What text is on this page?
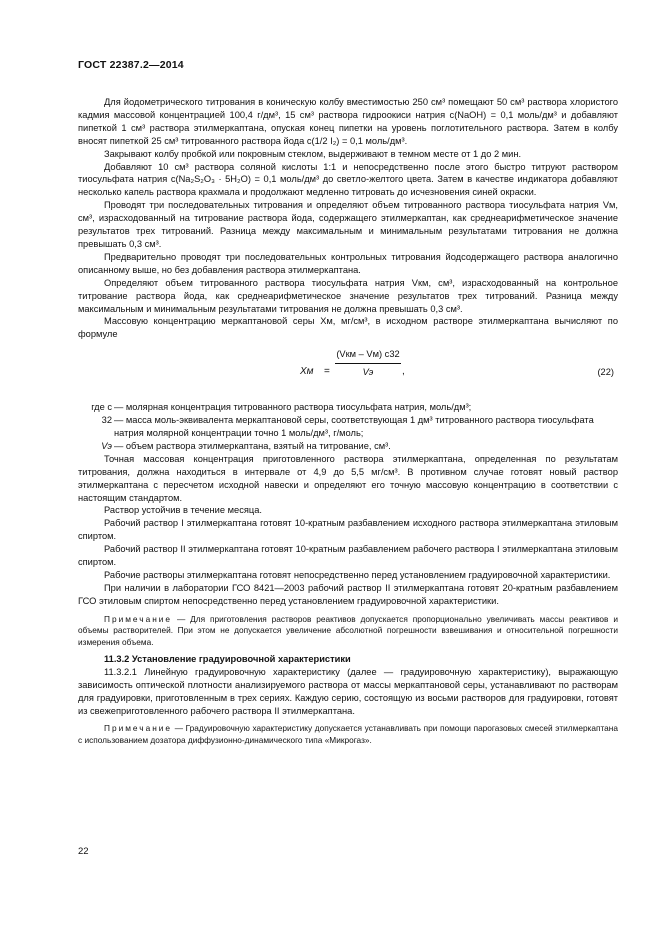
ГОСТ 22387.2—2014

Для йодометрического титрования в коническую колбу вместимостью 250 см³ помещают 50 см³ раствора хлористого кадмия массовой концентрацией 100,4 г/дм³, 15 см³ раствора гидроокиси натрия c(NaOH) = 0,1 моль/дм³ и добавляют пипеткой 1 см³ раствора этилмеркаптана, опуская конец пипетки на уровень поглотительного раствора. Затем в колбу вносят пипеткой 25 см³ титрованного раствора йода c(1/2 I₂) = 0,1 моль/дм³.

Закрывают колбу пробкой или покровным стеклом, выдерживают в темном месте от 1 до 2 мин.

Добавляют 10 см³ раствора соляной кислоты 1:1 и непосредственно после этого быстро титруют раствором тиосульфата натрия c(Na₂S₂O₃ · 5H₂O) = 0,1 моль/дм³ до светло-желтого цвета. Затем в качестве индикатора добавляют несколько капель раствора крахмала и продолжают медленно титровать до исчезновения синей окраски.

Проводят три последовательных титрования и определяют объем титрованного раствора тиосульфата натрия Vм, см³, израсходованный на титрование раствора йода, содержащего этилмеркаптан, как среднеарифметическое значение результатов трех титрований. Разница между максимальным и минимальным результатами титрования не должна превышать 0,3 см³.

Предварительно проводят три последовательных контрольных титрования йодсодержащего раствора аналогично описанному выше, но без добавления раствора этилмеркаптана.

Определяют объем титрованного раствора тиосульфата натрия Vкм, см³, израсходованный на контрольное титрование раствора йода, как среднеарифметическое значение результатов трех титрований. Разница между максимальным и минимальным результатами титрования не должна превышать 0,3 см³.

Массовую концентрацию меркаптановой серы Xм, мг/см³, в исходном растворе этилмеркаптана вычисляют по формуле

Xм =
(Vкм – Vм) c32
Vэ	,	(22)
где c — молярная концентрация титрованного раствора тиосульфата натрия, моль/дм³;
32 — масса моль-эквивалента меркаптановой серы, соответствующая 1 дм³ титрованного раствора тиосульфата натрия молярной концентрации точно 1 моль/дм³, г/моль;
Vэ — объем раствора этилмеркаптана, взятый на титрование, см³.

Точная массовая концентрация приготовленного раствора этилмеркаптана, определенная по результатам титрования, должна находиться в интервале от 4,9 до 5,5 мг/см³. В противном случае готовят новый раствор этилмеркаптана с пересчетом исходной навески и определяют его точную массовую концентрацию в соответствии с настоящим стандартом.

Раствор устойчив в течение месяца.

Рабочий раствор I этилмеркаптана готовят 10-кратным разбавлением исходного раствора этилмеркаптана этиловым спиртом.

Рабочий раствор II этилмеркаптана готовят 10-кратным разбавлением рабочего раствора I этилмеркаптана этиловым спиртом.

Рабочие растворы этилмеркаптана готовят непосредственно перед установлением градуировочной характеристики.

При наличии в лаборатории ГСО 8421—2003 рабочий раствор II этилмеркаптана готовят 20-кратным разбавлением ГСО этиловым спиртом непосредственно перед установлением градуировочной характеристики.

Примечание — Для приготовления растворов реактивов допускается пропорционально увеличивать массы реактивов и объемы растворителей. При этом не допускается увеличение абсолютной погрешности взвешивания и относительной погрешности измерения объема.

11.3.2 Установление градуировочной характеристики

11.3.2.1 Линейную градуировочную характеристику (далее — градуировочную характеристику), выражающую зависимость оптической плотности анализируемого раствора от массы меркаптановой серы, устанавливают по растворам для градуировки, приготовленным в трех сериях. Каждую серию, состоящую из восьми растворов для градуировки, готовят из свежеприготовленного рабочего раствора II этилмеркаптана.

Примечание — Градуировочную характеристику допускается устанавливать при помощи парогазовых смесей этилмеркаптана с использованием дозатора диффузионно-динамического типа «Микрогаз».

22
